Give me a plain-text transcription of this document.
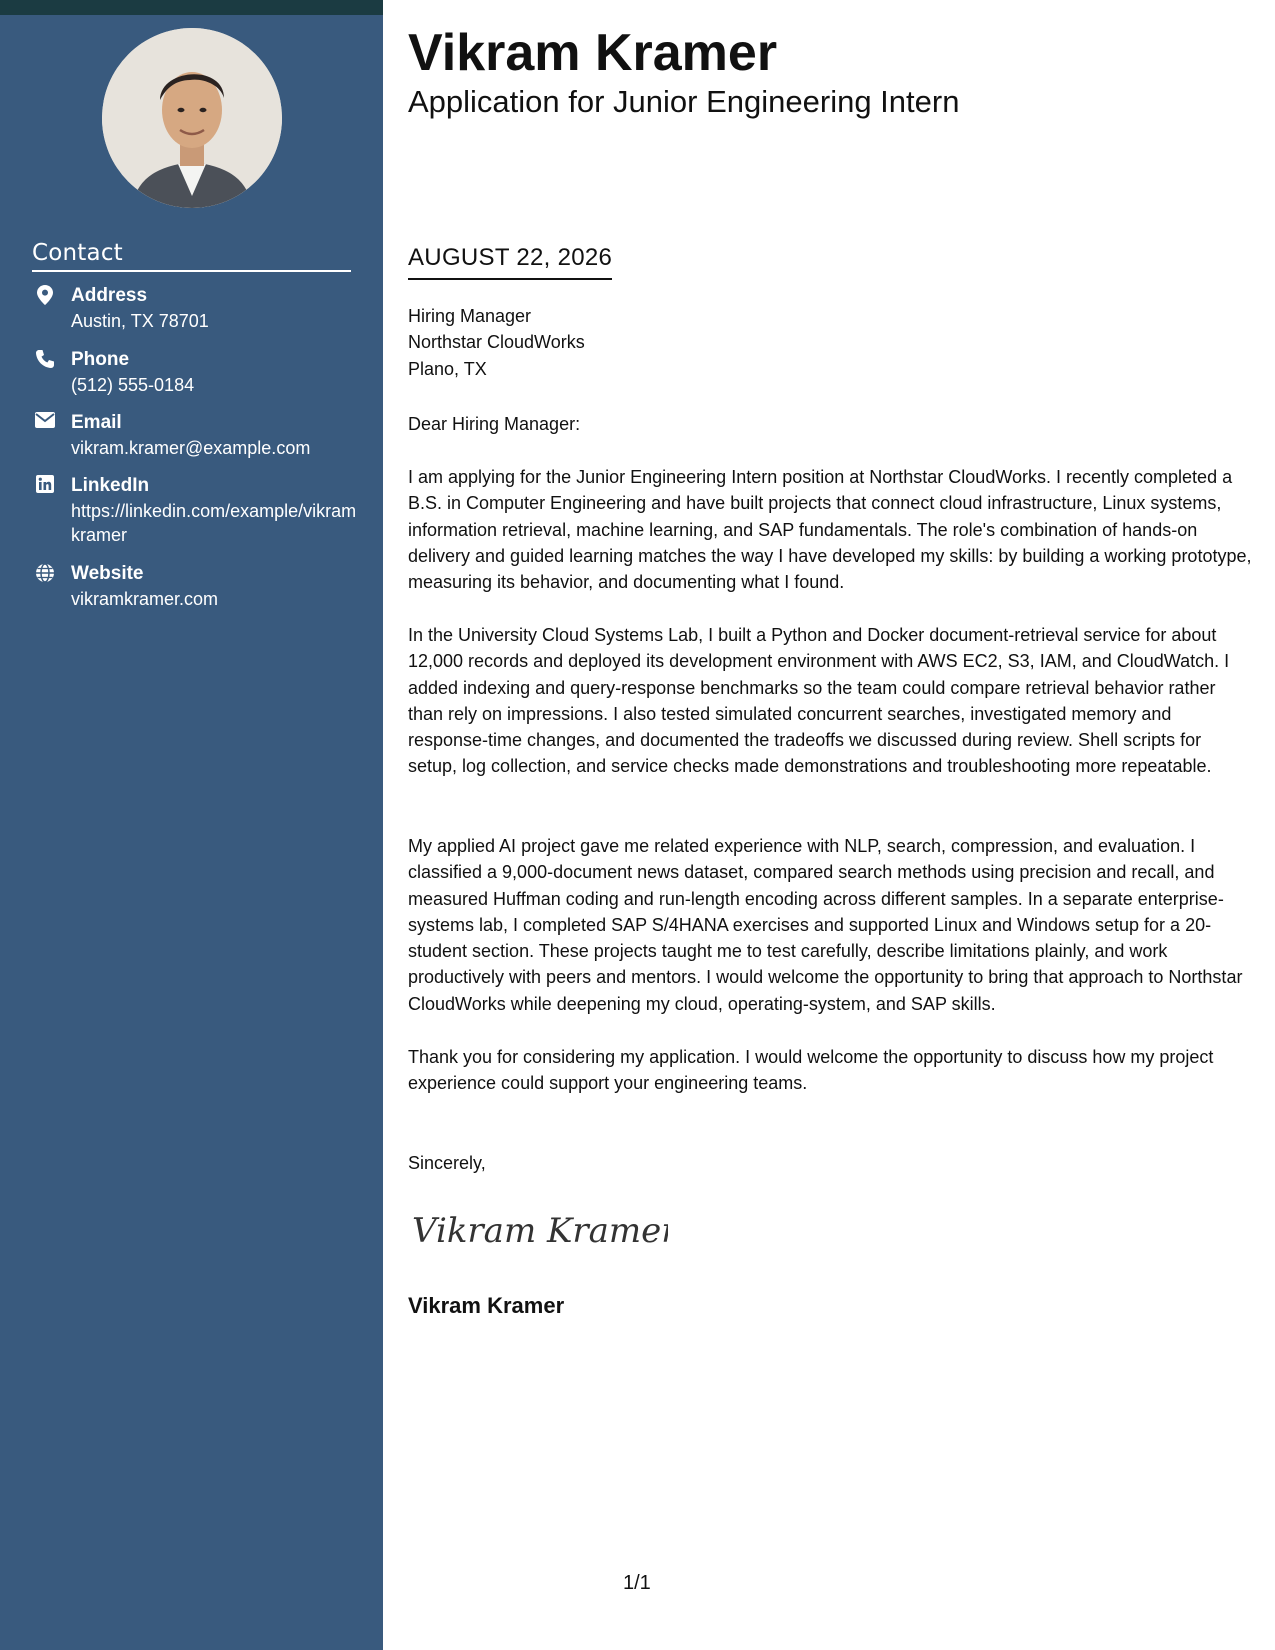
Contact
Address
Austin, TX 78701
Phone
(512) 555-0184
Email
vikram.kramer@example.com
LinkedIn
https://linkedin.com/example/vikramkramer
Website
vikramkramer.com
Vikram Kramer
Application for Junior Engineering Intern
AUGUST 22, 2026
Hiring Manager
Northstar CloudWorks
Plano, TX
Dear Hiring Manager:
I am applying for the Junior Engineering Intern position at Northstar CloudWorks. I recently completed a B.S. in Computer Engineering and have built projects that connect cloud infrastructure, Linux systems, information retrieval, machine learning, and SAP fundamentals. The role's combination of hands-on delivery and guided learning matches the way I have developed my skills: by building a working prototype, measuring its behavior, and documenting what I found.
In the University Cloud Systems Lab, I built a Python and Docker document-retrieval service for about 12,000 records and deployed its development environment with AWS EC2, S3, IAM, and CloudWatch. I added indexing and query-response benchmarks so the team could compare retrieval behavior rather than rely on impressions. I also tested simulated concurrent searches, investigated memory and response-time changes, and documented the tradeoffs we discussed during review. Shell scripts for setup, log collection, and service checks made demonstrations and troubleshooting more repeatable.
My applied AI project gave me related experience with NLP, search, compression, and evaluation. I classified a 9,000-document news dataset, compared search methods using precision and recall, and measured Huffman coding and run-length encoding across different samples. In a separate enterprise-systems lab, I completed SAP S/4HANA exercises and supported Linux and Windows setup for a 20-student section. These projects taught me to test carefully, describe limitations plainly, and work productively with peers and mentors. I would welcome the opportunity to bring that approach to Northstar CloudWorks while deepening my cloud, operating-system, and SAP skills.
Thank you for considering my application. I would welcome the opportunity to discuss how my project experience could support your engineering teams.
Sincerely,
Vikram Kramer
Vikram Kramer
1/1
